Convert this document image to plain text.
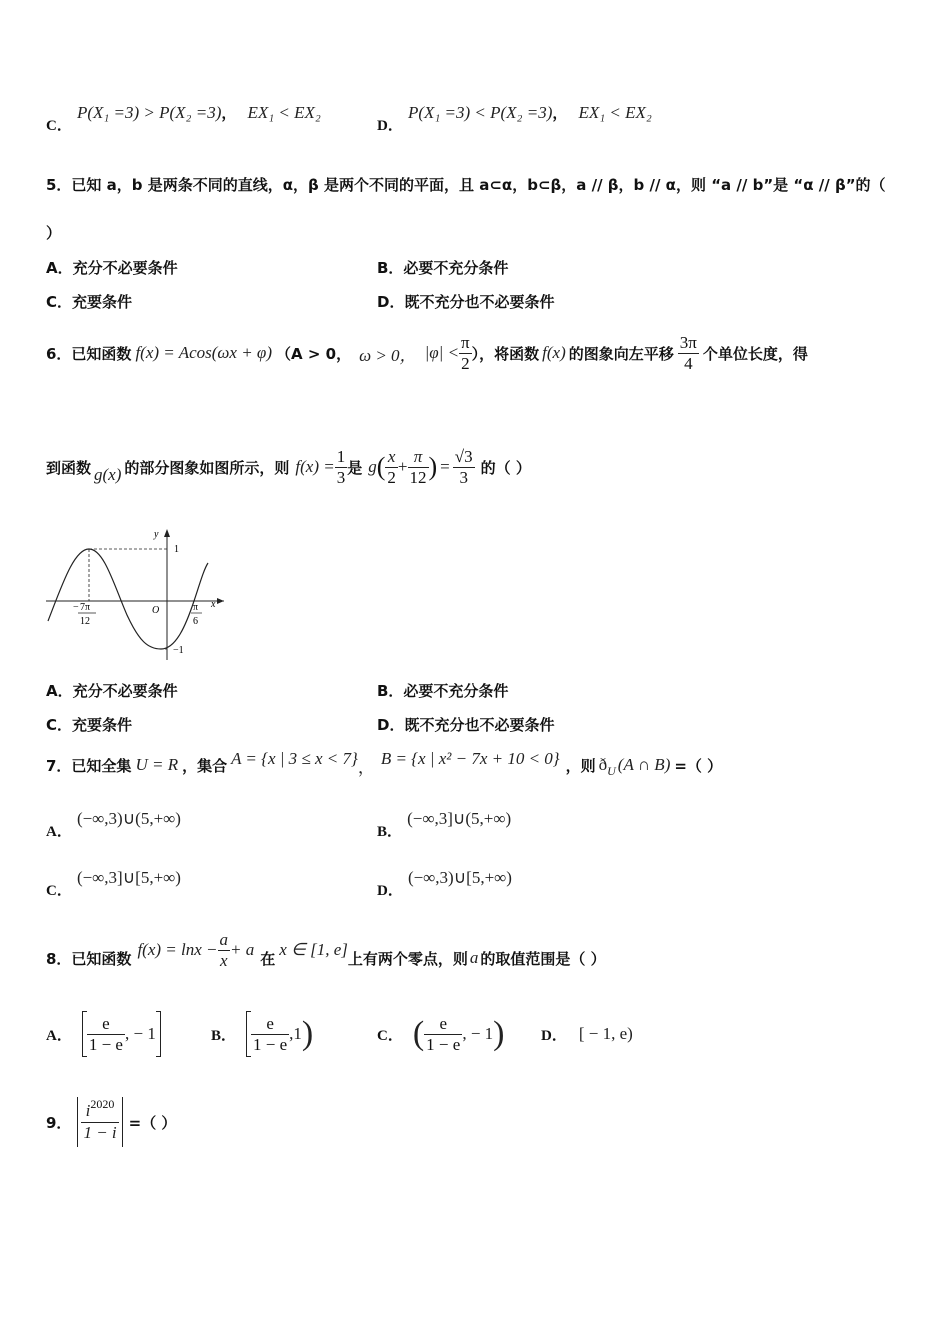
C． P(X₁ =3) > P(X₂ =3)， EX₁ < EX₂
D． P(X₁ =3) < P(X₂ =3)， EX₁ < EX₂
5．已知 a，b 是两条不同的直线，α，β 是两个不同的平面，且 a⊂α，b⊂β，a // β，b // α，则 “a // b”是 “α // β”的（
）
A．充分不必要条件	B．必要不充分条件
C．充要条件	D．既不充分也不必要条件
6．已知函数 f(x) = Acos(ωx + φ) （A > 0， ω > 0， $|\varphi| < \frac{\pi}{2}$ ），将函数 f(x) 的图象向左平移 $\frac{3\pi}{4}$ 个单位长度，得
到函数 g(x) 的部分图象如图所示，则 $f(x) = \frac{1}{3}$ 是 g ( $\frac{x}{2} + \frac{\pi}{12}$ ) = $\frac{√3}{3}$ 的（ ）
y
x
O
1
−1
− 7π
12
π
6
A．充分不必要条件	B．必要不充分条件
C．充要条件	D．既不充分也不必要条件
7．已知全集 U = R ，集合 A = {x | 3 ≤ x < 7} ， B = {x | x² − 7x + 10 < 0} ，则 ð U (A ∩ B) =（ ）
A． (−∞,3)∪(5,+∞)
B． (−∞,3]∪(5,+∞)
C． (−∞,3]∪[5,+∞)
D． (−∞,3)∪[5,+∞)
8．已知函数 $f(x) = \ln x - \frac{a}{x} + a$ 在 x ∈ [1, e] 上有两个零点，则 a 的取值范围是（ ）
A． $\frac{e}{1 - e}$ , − 1	B． $\frac{e}{1 - e} ,1$ )	C． ( $\frac{e}{1 - e}$ , − 1 ) D． [ − 1, e)
9． $\frac{i^{2020}}{1 - i}$ =（ ）
